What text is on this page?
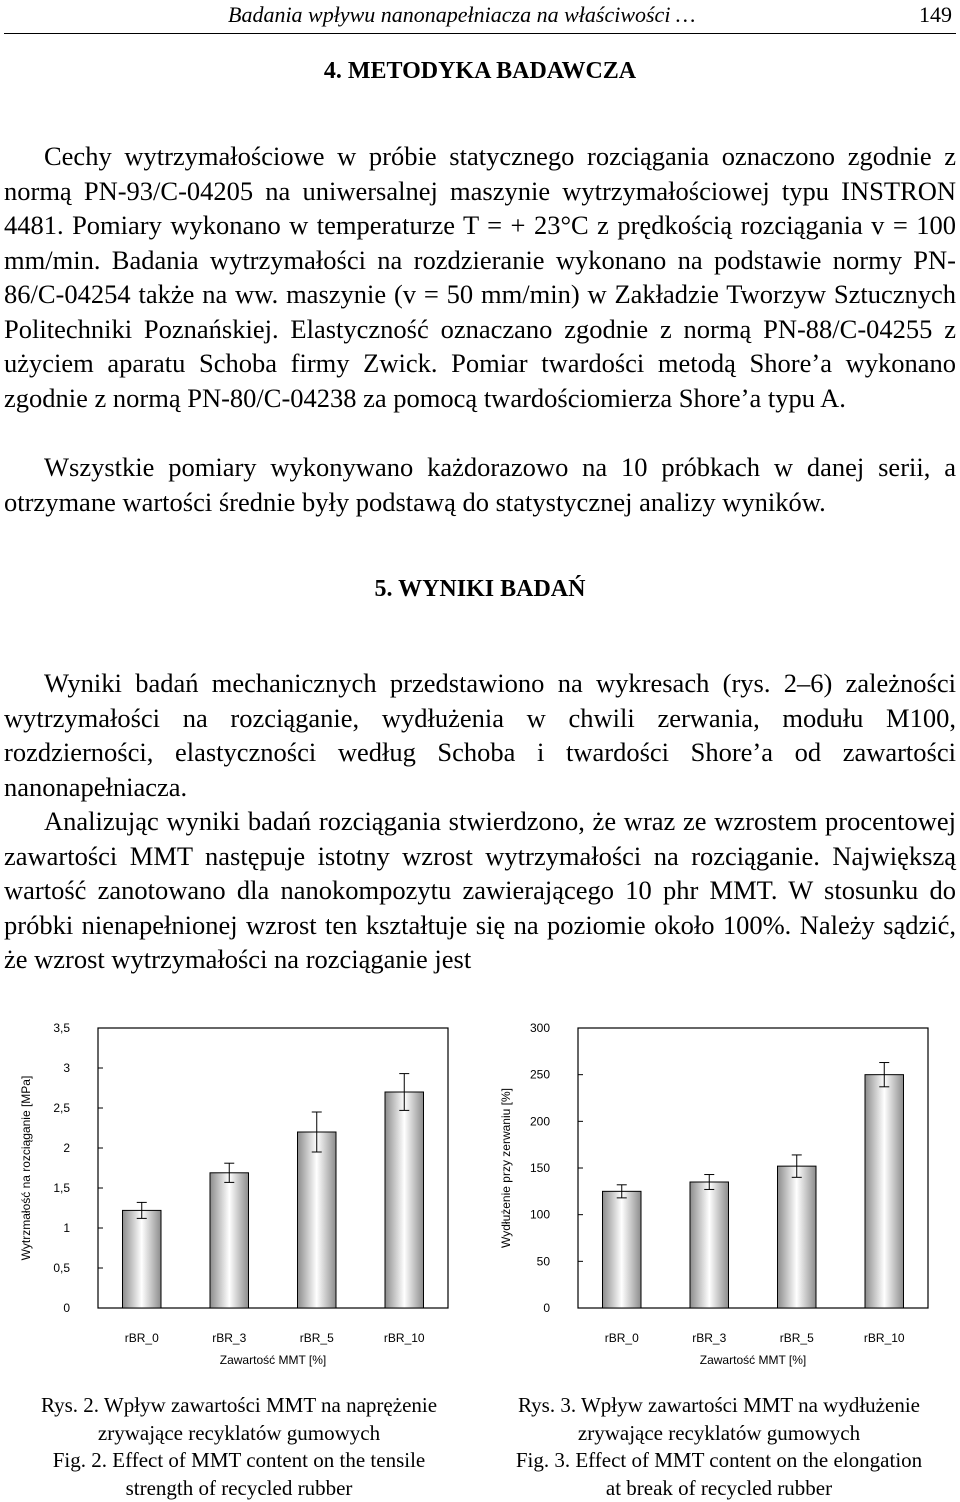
Badania wpływu nanonapełniacza na właściwości …	149
4. METODYKA BADAWCZA

Cechy wytrzymałościowe w próbie statycznego rozciągania oznaczono zgodnie z normą PN-93/C-04205 na uniwersalnej maszynie wytrzymałościowej typu INSTRON 4481. Pomiary wykonano w temperaturze T = + 23°C z prędkością rozciągania v = 100 mm/min. Badania wytrzymałości na rozdzieranie wykonano na podstawie normy PN-86/C-04254 także na ww. maszynie (v = 50 mm/min) w Zakładzie Tworzyw Sztucznych Politechniki Poznańskiej. Elastyczność oznaczano zgodnie z normą PN-88/C-04255 z użyciem aparatu Schoba firmy Zwick. Pomiar twardości metodą Shore’a wykonano zgodnie z normą PN-80/C-04238 za pomocą twardościomierza Shore’a typu A.

Wszystkie pomiary wykonywano każdorazowo na 10 próbkach w danej serii, a otrzymane wartości średnie były podstawą do statystycznej analizy wyników.

5. WYNIKI BADAŃ

Wyniki badań mechanicznych przedstawiono na wykresach (rys. 2–6) zależności wytrzymałości na rozciąganie, wydłużenia w chwili zerwania, modułu M100, rozdzierności, elastyczności według Schoba i twardości Shore’a od zawartości nanonapełniacza.

Analizując wyniki badań rozciągania stwierdzono, że wraz ze wzrostem procentowej zawartości MMT następuje istotny wzrost wytrzymałości na rozciąganie. Największą wartość zanotowano dla nanokompozytu zawierającego 10 phr MMT. W stosunku do próbki nienapełnionej wzrost ten kształtuje się na poziomie około 100%. Należy sądzić, że wzrost wytrzymałości na rozciąganie jest

0
0,5
1
1,5
2
2,5
3
3,5
rBR_0	rBR_3	rBR_5	rBR_10
Zawartość MMT [%]
Wytrzmałość na rozciąganie [MPa]
0
50
100
150
200
250
300
rBR_0	rBR_3	rBR_5	rBR_10
Zawartość MMT [%]
Wydłużenie przy zerwaniu [%]
Rys. 2. Wpływ zawartości MMT na naprężenie
zrywające recyklatów gumowych
Fig. 2. Effect of MMT content on the tensile
strength of recycled rubber
Rys. 3. Wpływ zawartości MMT na wydłużenie
zrywające recyklatów gumowych
Fig. 3. Effect of MMT content on the elongation
at break of recycled rubber
